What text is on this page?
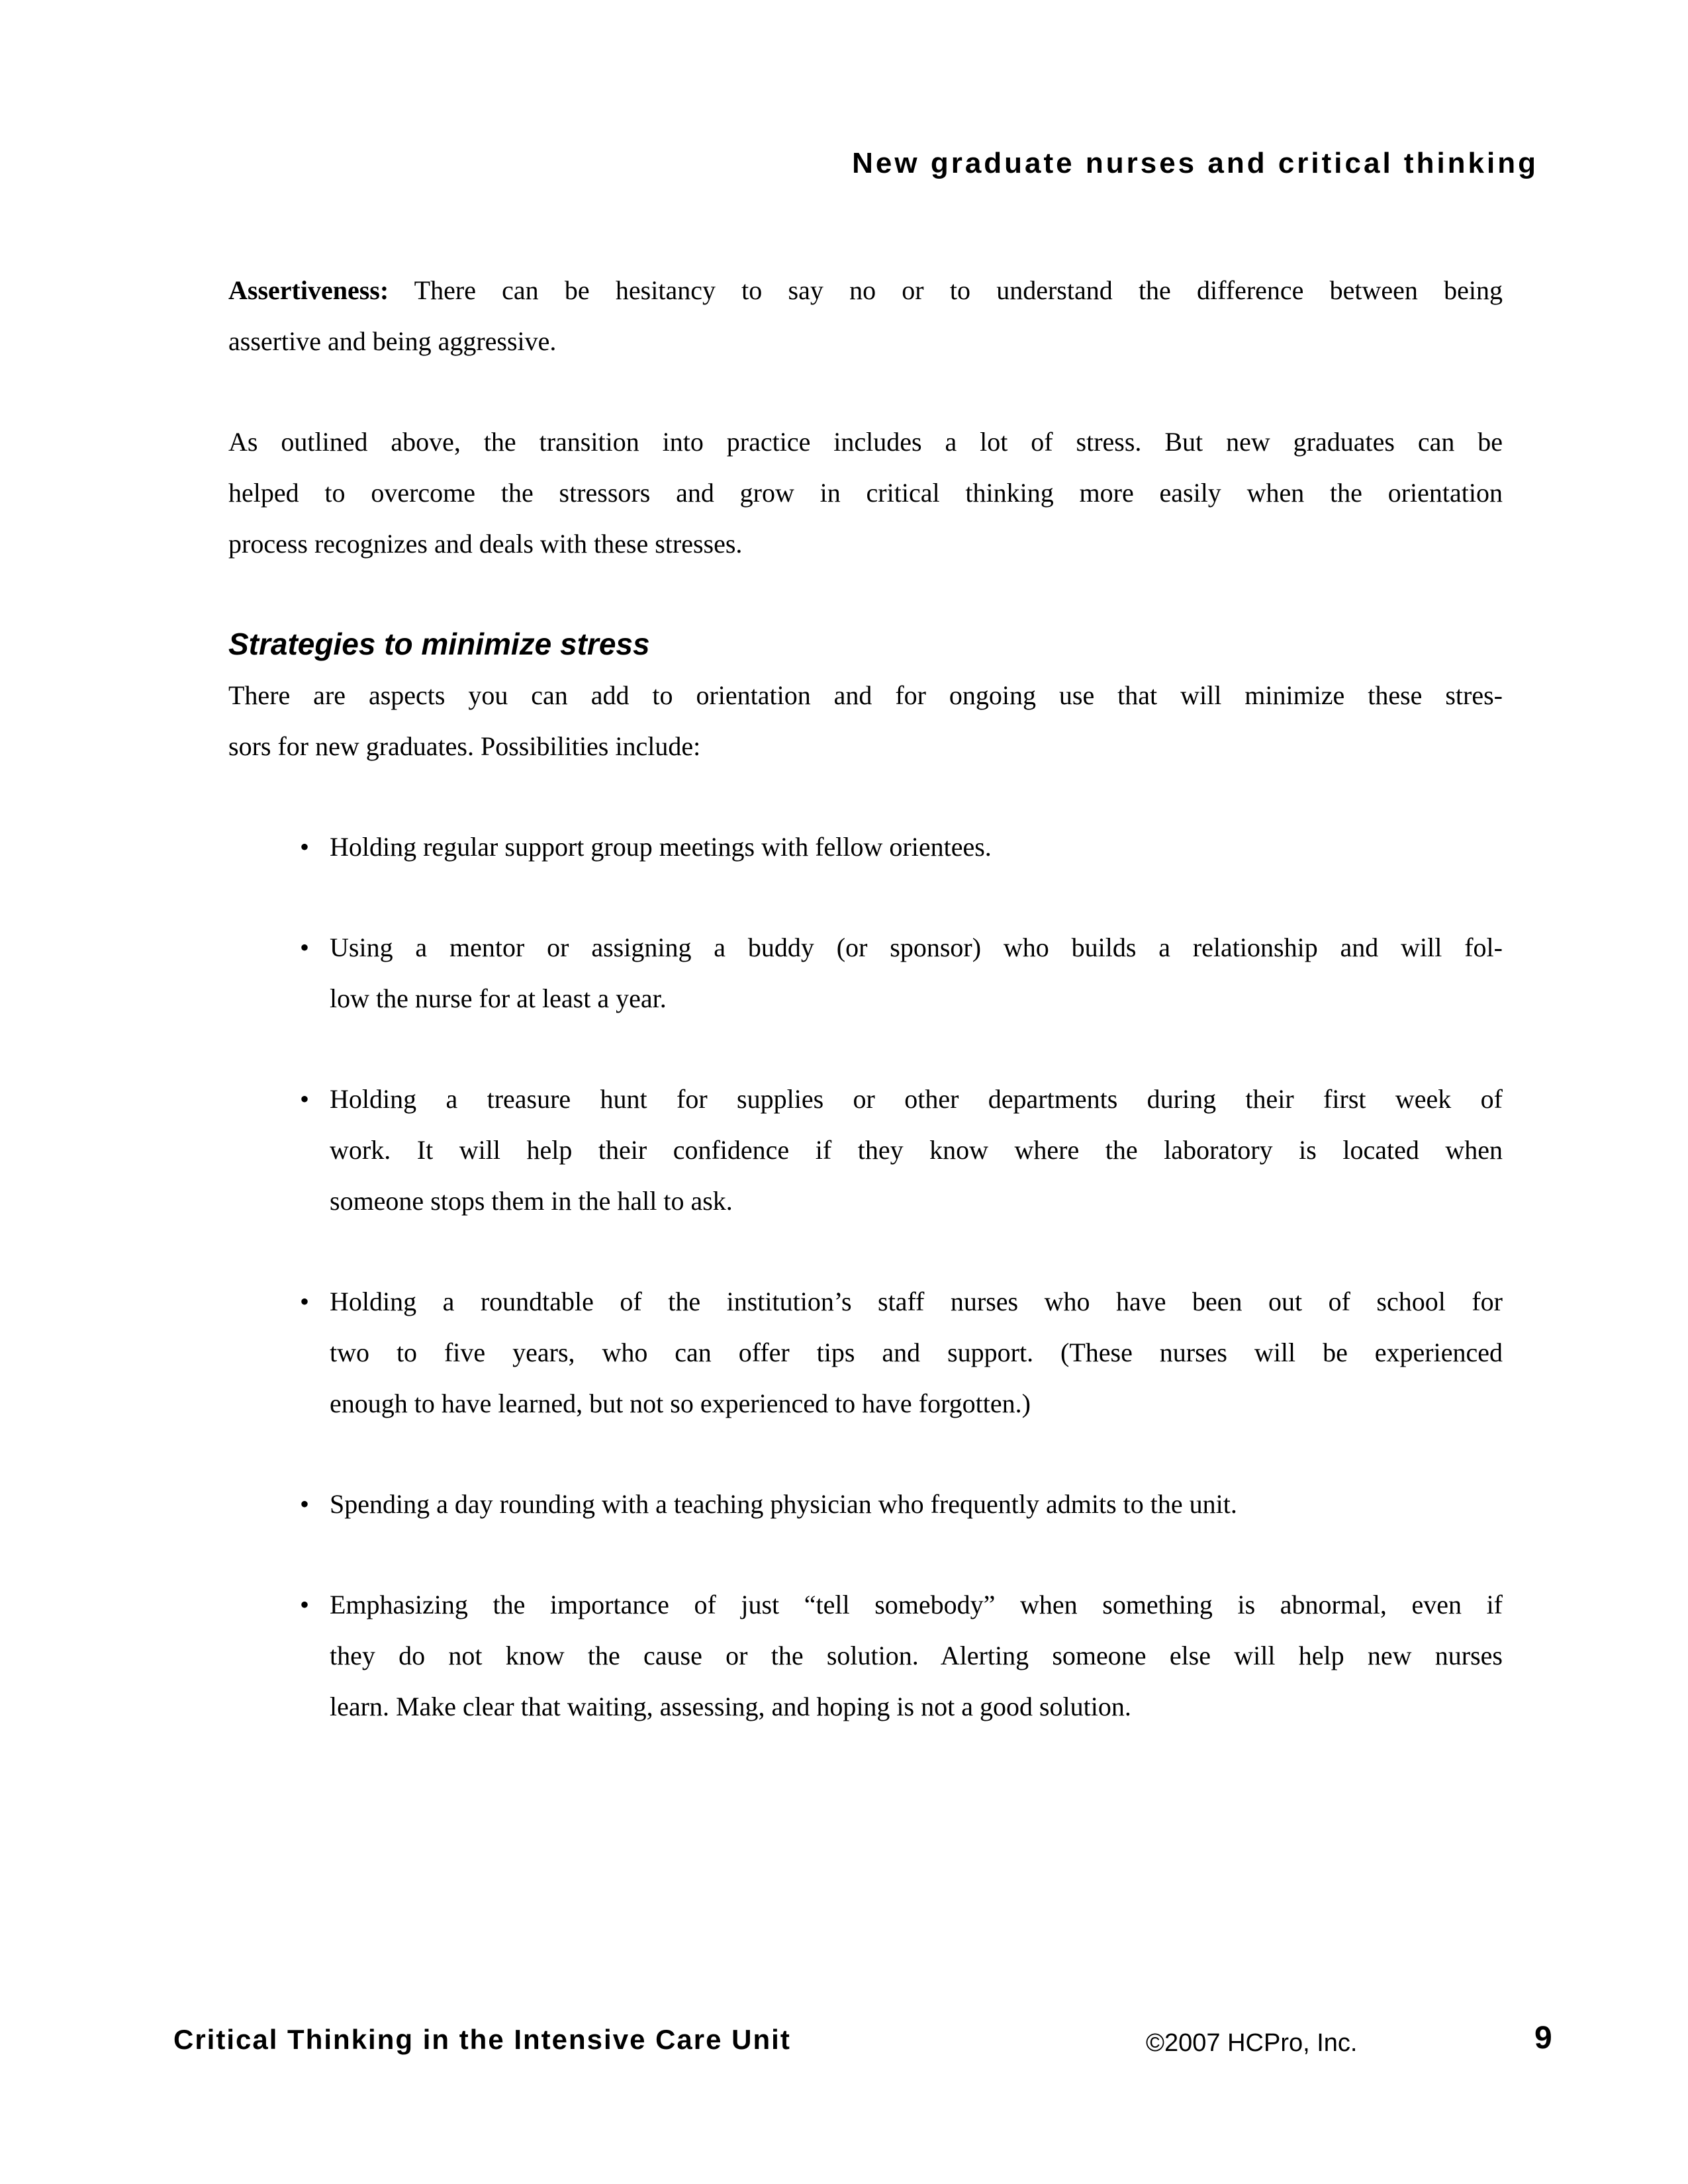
New graduate nurses and critical thinking
Assertiveness: There can be hesitancy to say no or to understand the difference between being
assertive and being aggressive.
As outlined above, the transition into practice includes a lot of stress. But new graduates can be
helped to overcome the stressors and grow in critical thinking more easily when the orientation
process recognizes and deals with these stresses.
Strategies to minimize stress
There are aspects you can add to orientation and for ongoing use that will minimize these stres-
sors for new graduates. Possibilities include:
• Holding regular support group meetings with fellow orientees.
• Using a mentor or assigning a buddy (or sponsor) who builds a relationship and will fol-
low the nurse for at least a year.
• Holding a treasure hunt for supplies or other departments during their first week of
work. It will help their confidence if they know where the laboratory is located when
someone stops them in the hall to ask.
• Holding a roundtable of the institution’s staff nurses who have been out of school for
two to five years, who can offer tips and support. (These nurses will be experienced
enough to have learned, but not so experienced to have forgotten.)
• Spending a day rounding with a teaching physician who frequently admits to the unit.
• Emphasizing the importance of just “tell somebody” when something is abnormal, even if
they do not know the cause or the solution. Alerting someone else will help new nurses
learn. Make clear that waiting, assessing, and hoping is not a good solution.
Critical Thinking in the Intensive Care Unit	©2007 HCPro, Inc.	9
